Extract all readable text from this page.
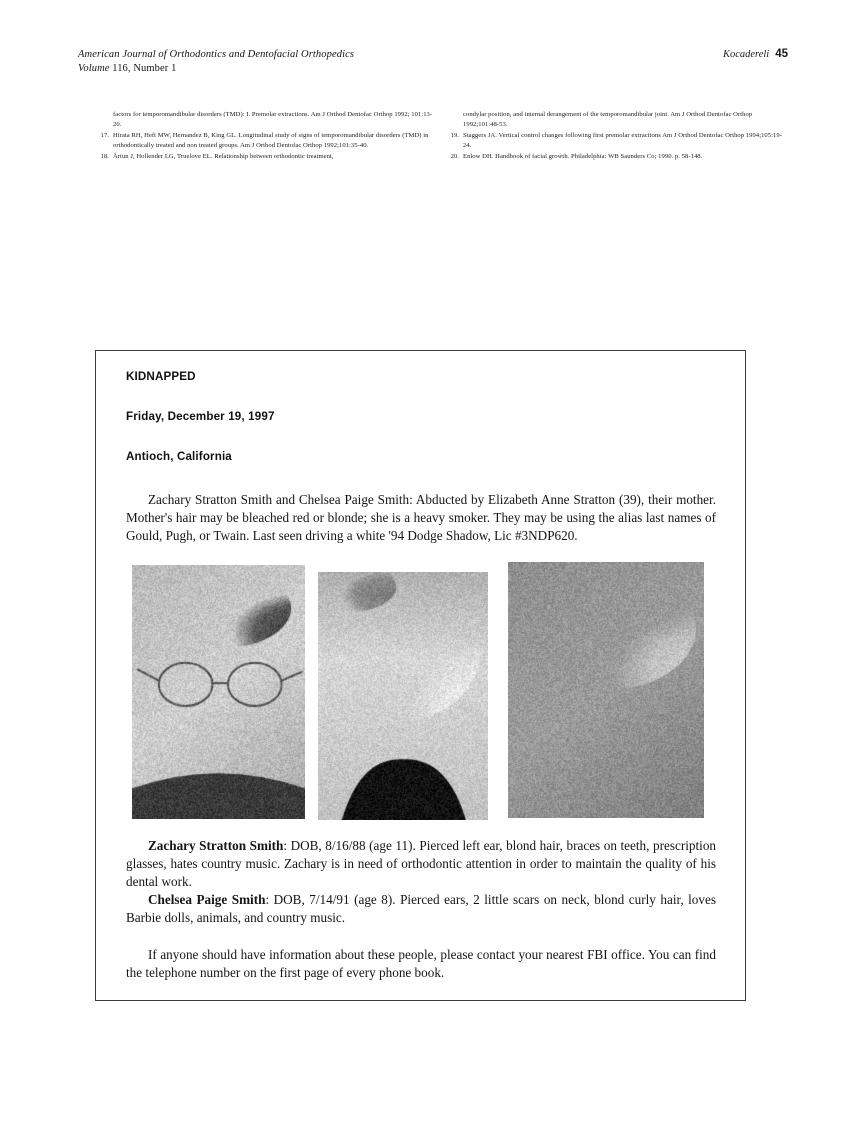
American Journal of Orthodontics and Dentofacial Orthopedics
Volume 116, Number 1
Kocadereli 45
factors for temporomandibular disorders (TMD): I. Premolar extractions. Am J Orthod Dentofac Orthop 1992; 101:13-20.
17. Hirata RH, Heft MW, Hernandez B, King GL. Longitudinal study of signs of temporomandibular disorders (TMD) in orthodontically treated and non treated groups. Am J Orthod Dentofac Orthop 1992;101:35-40.
18. Årtun J, Hollender LG, Truelove EL. Relationship between orthodontic treatment,
condylar position, and internal derangement of the temporomandibular joint. Am J Orthod Dentofac Orthop 1992;101:48-53.
19. Staggers JA. Vertical control changes following first premolar extractions Am J Orthod Dentofac Orthop 1994;105:19-24.
20. Enlow DH. Handbook of facial growth. Philadelphia: WB Saunders Co; 1990. p. 58-148.
KIDNAPPED
Friday, December 19, 1997
Antioch, California

Zachary Stratton Smith and Chelsea Paige Smith: Abducted by Elizabeth Anne Stratton (39), their mother. Mother's hair may be bleached red or blonde; she is a heavy smoker. They may be using the alias last names of Gould, Pugh, or Twain. Last seen driving a white '94 Dodge Shadow, Lic #3NDP620.

Zachary Stratton Smith: DOB, 8/16/88 (age 11). Pierced left ear, blond hair, braces on teeth, prescription glasses, hates country music. Zachary is in need of orthodontic attention in order to maintain the quality of his dental work.

Chelsea Paige Smith: DOB, 7/14/91 (age 8). Pierced ears, 2 little scars on neck, blond curly hair, loves Barbie dolls, animals, and country music.

If anyone should have information about these people, please contact your nearest FBI office. You can find the telephone number on the first page of every phone book.
